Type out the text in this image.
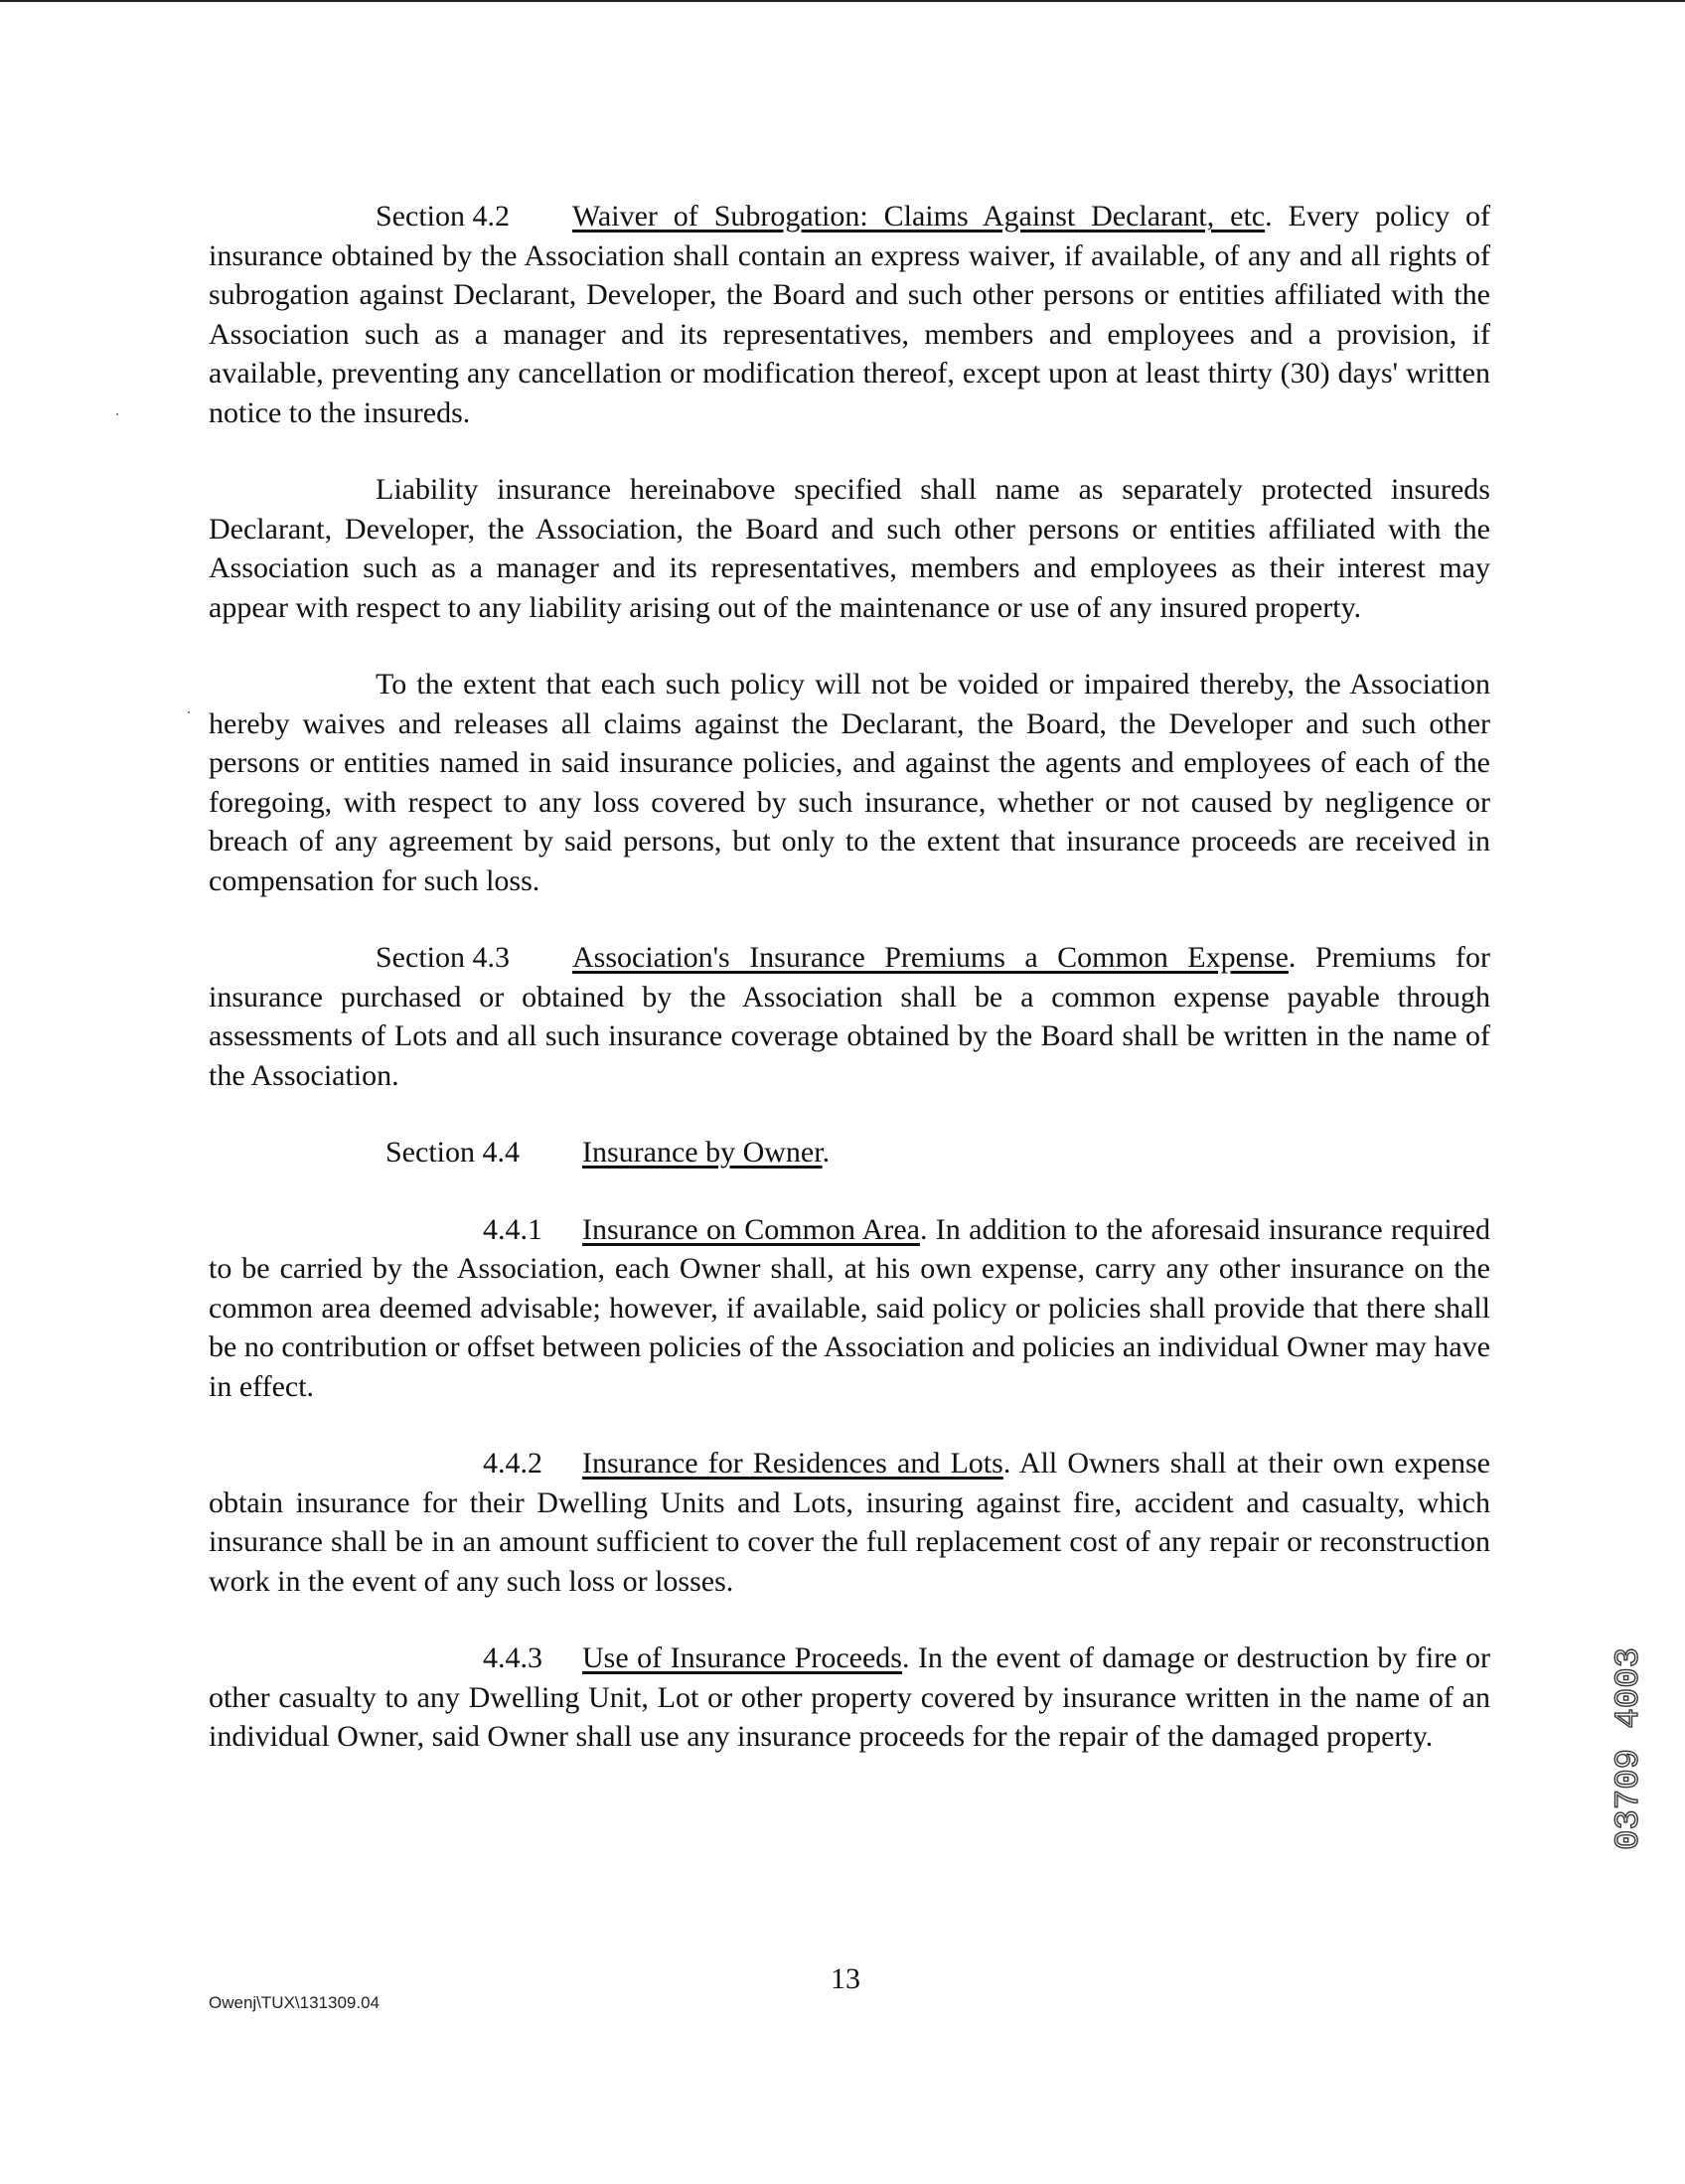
Section 4.2 Waiver of Subrogation: Claims Against Declarant, etc. Every policy of insurance obtained by the Association shall contain an express waiver, if available, of any and all rights of subrogation against Declarant, Developer, the Board and such other persons or entities affiliated with the Association such as a manager and its representatives, members and employees and a provision, if available, preventing any cancellation or modification thereof, except upon at least thirty (30) days' written notice to the insureds.

Liability insurance hereinabove specified shall name as separately protected insureds Declarant, Developer, the Association, the Board and such other persons or entities affiliated with the Association such as a manager and its representatives, members and employees as their interest may appear with respect to any liability arising out of the maintenance or use of any insured property.

To the extent that each such policy will not be voided or impaired thereby, the Association hereby waives and releases all claims against the Declarant, the Board, the Developer and such other persons or entities named in said insurance policies, and against the agents and employees of each of the foregoing, with respect to any loss covered by such insurance, whether or not caused by negligence or breach of any agreement by said persons, but only to the extent that insurance proceeds are received in compensation for such loss.

Section 4.3 Association's Insurance Premiums a Common Expense. Premiums for insurance purchased or obtained by the Association shall be a common expense payable through assessments of Lots and all such insurance coverage obtained by the Board shall be written in the name of the Association.

Section 4.4 Insurance by Owner.

4.4.1 Insurance on Common Area. In addition to the aforesaid insurance required to be carried by the Association, each Owner shall, at his own expense, carry any other insurance on the common area deemed advisable; however, if available, said policy or policies shall provide that there shall be no contribution or offset between policies of the Association and policies an individual Owner may have in effect.

4.4.2 Insurance for Residences and Lots. All Owners shall at their own expense obtain insurance for their Dwelling Units and Lots, insuring against fire, accident and casualty, which insurance shall be in an amount sufficient to cover the full replacement cost of any repair or reconstruction work in the event of any such loss or losses.

4.4.3 Use of Insurance Proceeds. In the event of damage or destruction by fire or other casualty to any Dwelling Unit, Lot or other property covered by insurance written in the name of an individual Owner, said Owner shall use any insurance proceeds for the repair of the damaged property.

Owenj\TUX\131309.04
13
03709 4003
